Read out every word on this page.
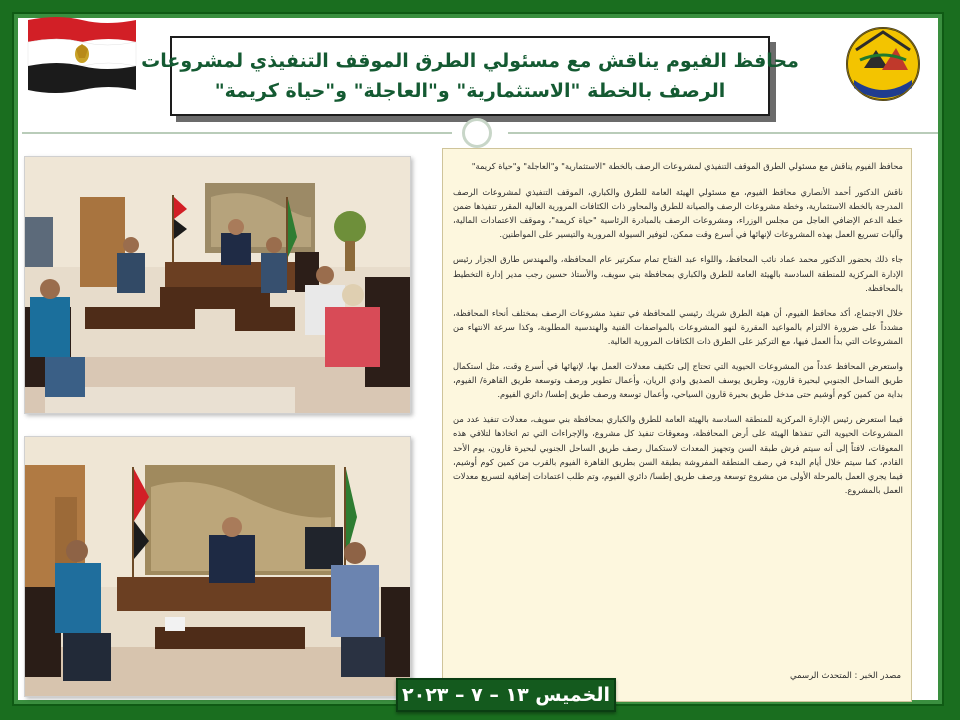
محافظ الفيوم يناقش مع مسئولي الطرق الموقف التنفيذي لمشروعات
الرصف بالخطة "الاستثمارية" و"العاجلة" و"حياة كريمة"

محافظ الفيوم يناقش مع مسئولي الطرق الموقف التنفيذي لمشروعات الرصف بالخطة "الاستثمارية" و"العاجلة" و"حياة كريمة"

ناقش الدكتور أحمد الأنصاري محافظ الفيوم، مع مسئولي الهيئة العامة للطرق والكباري، الموقف التنفيذي لمشروعات الرصف المدرجة بالخطة الاستثمارية، وخطة مشروعات الرصف والصيانة للطرق والمحاور ذات الكثافات المرورية العالية المقرر تنفيذها ضمن خطة الدعم الإضافي العاجل من مجلس الوزراء، ومشروعات الرصف بالمبادرة الرئاسية "حياة كريمة"، وموقف الاعتمادات المالية، وآليات تسريع العمل بهذه المشروعات لإنهائها في أسرع وقت ممكن، لتوفير السيولة المرورية والتيسير على المواطنين.

جاء ذلك بحضور الدكتور محمد عماد نائب المحافظ، واللواء عبد الفتاح تمام سكرتير عام المحافظة، والمهندس طارق الجزار رئيس الإدارة المركزية للمنطقة السادسة بالهيئة العامة للطرق والكباري بمحافظة بني سويف، والأستاذ حسين رجب مدير إدارة التخطيط بالمحافظة.

خلال الاجتماع، أكد محافظ الفيوم، أن هيئة الطرق شريك رئيسي للمحافظة في تنفيذ مشروعات الرصف بمختلف أنحاء المحافظة، مشدداً على ضرورة الالتزام بالمواعيد المقررة لنهو المشروعات بالمواصفات الفنية والهندسية المطلوبة، وكذا سرعة الانتهاء من المشروعات التي بدأ العمل فيها، مع التركيز على الطرق ذات الكثافات المرورية العالية.

واستعرض المحافظ عدداً من المشروعات الحيوية التي تحتاج إلى تكثيف معدلات العمل بها، لإنهائها في أسرع وقت، مثل استكمال طريق الساحل الجنوبي لبحيرة قارون، وطريق يوسف الصديق وادي الريان، وأعمال تطوير ورصف وتوسعة طريق القاهرة/ الفيوم، بداية من كمين كوم أوشيم حتى مدخل طريق بحيرة قارون السياحي، وأعمال توسعة ورصف طريق إطسا/ دائري الفيوم.

فيما استعرض رئيس الإدارة المركزية للمنطقة السادسة بالهيئة العامة للطرق والكباري بمحافظة بني سويف، معدلات تنفيذ عدد من المشروعات الحيوية التي تنفذها الهيئة على أرض المحافظة، ومعوقات تنفيذ كل مشروع، والإجراءات التي تم اتخاذها لتلافي هذه المعوقات، لافتاً إلى أنه سيتم فرش طبقة السن وتجهيز المعدات لاستكمال رصف طريق الساحل الجنوبي لبحيرة قارون، يوم الأحد القادم، كما سيتم خلال أيام البدء في رصف المنطقة المفروشة بطبقة السن بطريق القاهرة الفيوم بالقرب من كمين كوم أوشيم، فيما يجري العمل بالمرحلة الأولى من مشروع توسعة ورصف طريق إطسا/ دائري الفيوم، وتم طلب اعتمادات إضافية لتسريع معدلات العمل بالمشروع.

مصدر الخبر : المتحدث الرسمي
الخميس ١٣ – ٧ – ٢٠٢٣
